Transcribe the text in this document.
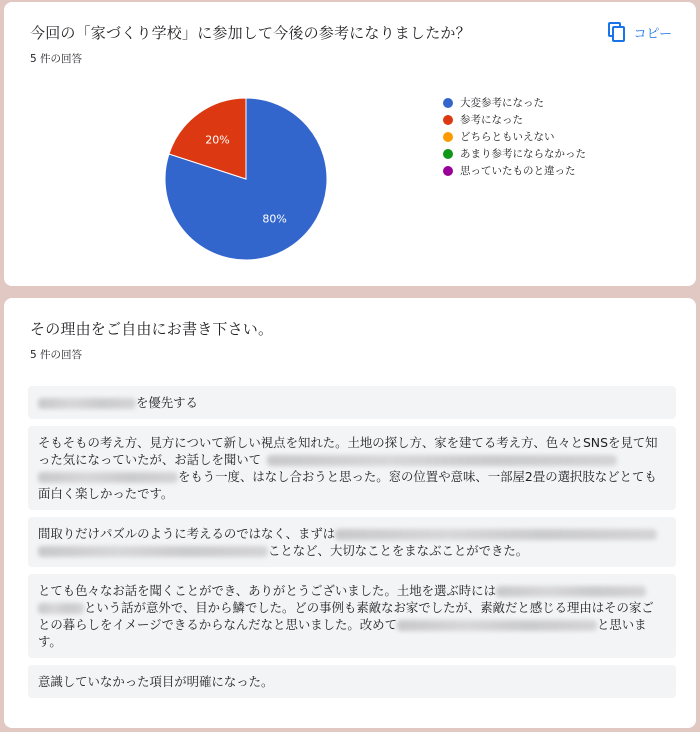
今回の「家づくり学校」に参加して今後の参考になりましたか？
5 件の回答
コピー
80%
20%
大変参考になった
参考になった
どちらともいえない
あまり参考にならなかった
思っていたものと違った
その理由をご自由にお書き下さい。
5 件の回答
を優先する
そもそもの考え方、見方について新しい視点を知れた。土地の探し方、家を建てる考え方、色々とSNSを見て知った気になっていたが、お話しを聞いてをもう一度、はなし合おうと思った。窓の位置や意味、一部屋2畳の選択肢などとても面白く楽しかったです。
間取りだけパズルのように考えるのではなく、まずはことなど、大切なことをまなぶことができた。
とても色々なお話を聞くことができ、ありがとうございました。土地を選ぶ時にはという話が意外で、目から鱗でした。どの事例も素敵なお家でしたが、素敵だと感じる理由はその家ごとの暮らしをイメージできるからなんだなと思いました。改めて	と思います。
意識していなかった項目が明確になった。
